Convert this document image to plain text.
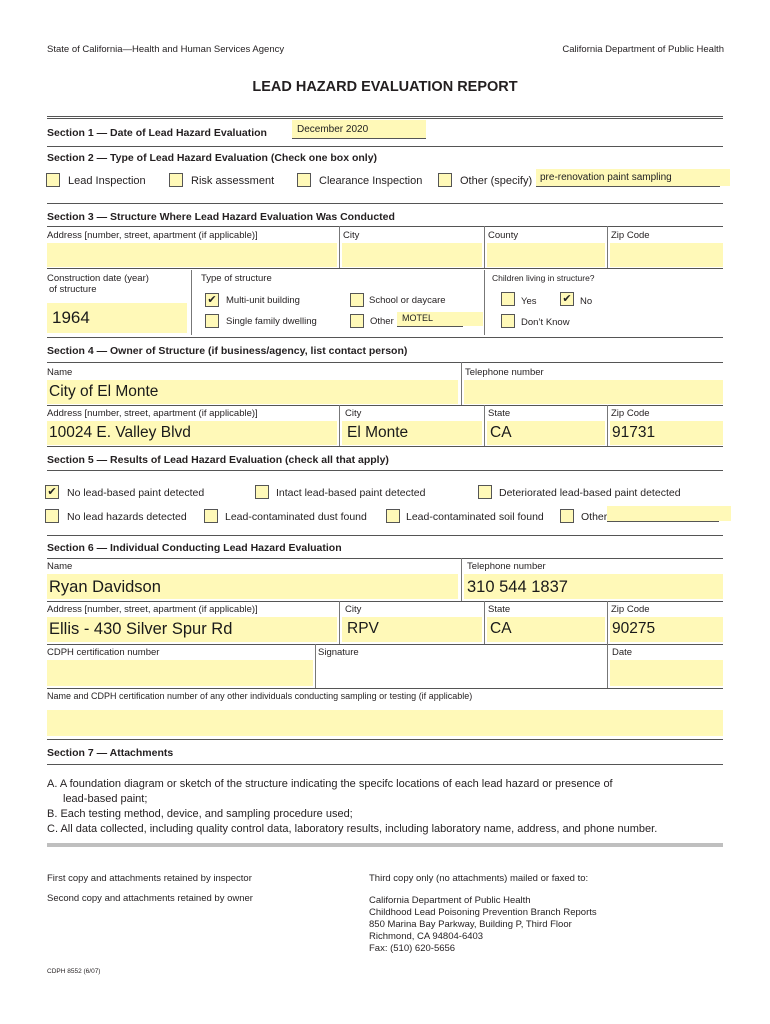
State of California—Health and Human Services Agency	California Department of Public Health
LEAD HAZARD EVALUATION REPORT
Section 1 — Date of Lead Hazard Evaluation	December 2020
Section 2 — Type of Lead Hazard Evaluation (Check one box only)
Lead Inspection	Risk assessment	Clearance Inspection	Other (specify) pre-renovation paint sampling
Section 3 — Structure Where Lead Hazard Evaluation Was Conducted
Address [number, street, apartment (if applicable)]	City	County	Zip Code
Construction date (year)
of structure
1964
Type of structure
✔ Multi-unit building	School or daycare
Single family dwelling	Other MOTEL
Children living in structure?
Yes ✔ No
Don’t Know
Section 4 — Owner of Structure (if business/agency, list contact person)
Name	Telephone number
City of El Monte
Address [number, street, apartment (if applicable)]	City	State	Zip Code
10024 E. Valley Blvd	El Monte	CA	91731
Section 5 — Results of Lead Hazard Evaluation (check all that apply)
✔ No lead-based paint detected	Intact lead-based paint detected	Deteriorated lead-based paint detected
No lead hazards detected	Lead-contaminated dust found	Lead-contaminated soil found	Other
Section 6 — Individual Conducting Lead Hazard Evaluation
Name	Telephone number
Ryan Davidson	310 544 1837
Address [number, street, apartment (if applicable)]	City	State	Zip Code
Ellis - 430 Silver Spur Rd	RPV	CA	90275
CDPH certification number	Signature	Date
Name and CDPH certification number of any other individuals conducting sampling or testing (if applicable)
Section 7 — Attachments
A. A foundation diagram or sketch of the structure indicating the specifc locations of each lead hazard or presence of
lead-based paint;
B. Each testing method, device, and sampling procedure used;
C. All data collected, including quality control data, laboratory results, including laboratory name, address, and phone number.
First copy and attachments retained by inspector
Second copy and attachments retained by owner
Third copy only (no attachments) mailed or faxed to:
California Department of Public Health
Childhood Lead Poisoning Prevention Branch Reports
850 Marina Bay Parkway, Building P, Third Floor
Richmond, CA 94804-6403
Fax: (510) 620-5656
CDPH 8552 (6/07)
